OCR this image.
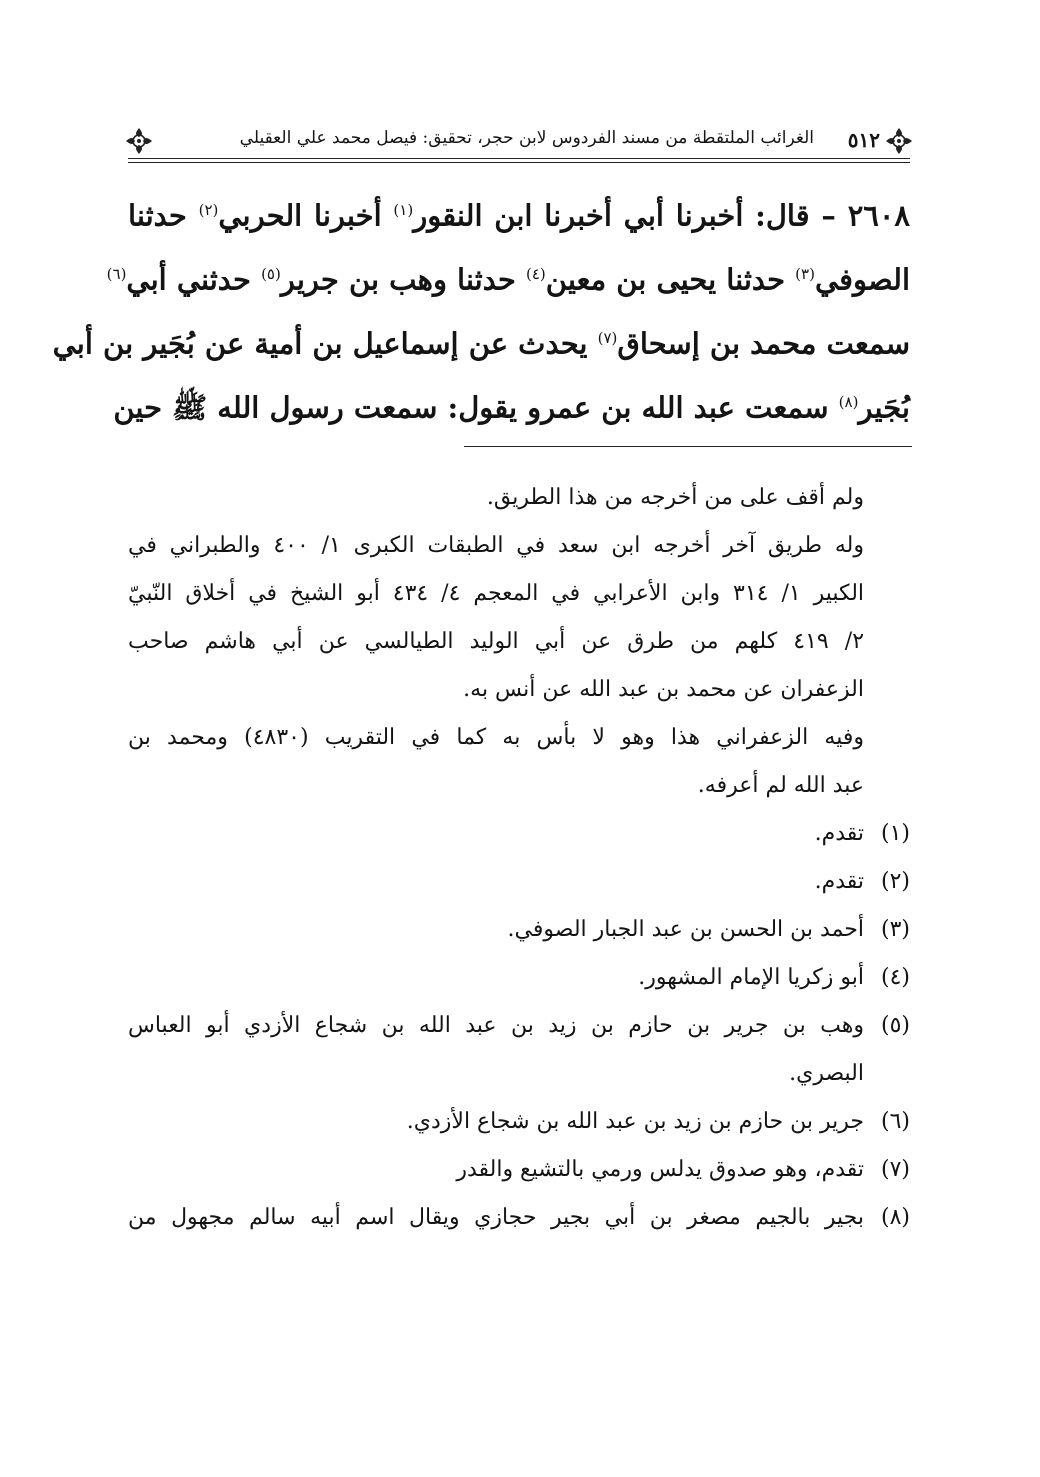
٥١٢
الغرائب الملتقطة من مسند الفردوس لابن حجر، تحقيق: فيصل محمد علي العقيلي
٢٦٠٨ – قال: أخبرنا أبي أخبرنا ابن النقور$^{(١)}$ أخبرنا الحربي$^{(٢)}$ حدثنا
الصوفي$^{(٣)}$ حدثنا يحيى بن معين$^{(٤)}$ حدثنا وهب بن جرير$^{(٥)}$ حدثني أبي$^{(٦)}$
سمعت محمد بن إسحاق$^{(٧)}$ يحدث عن إسماعيل بن أمية عن بُجَير بن أبي
بُجَير$^{(٨)}$ سمعت عبد الله بن عمرو يقول: سمعت رسول الله ﷺ حين
ولم أقف على من أخرجه من هذا الطريق.
وله طريق آخر أخرجه ابن سعد في الطبقات الكبرى ١/ ٤٠٠ والطبراني في
الكبير ١/ ٣١٤ وابن الأعرابي في المعجم ٤/ ٤٣٤ أبو الشيخ في أخلاق النّبيّ
٢/ ٤١٩ كلهم من طرق عن أبي الوليد الطيالسي عن أبي هاشم صاحب
الزعفران عن محمد بن عبد الله عن أنس به.
وفيه الزعفراني هذا وهو لا بأس به كما في التقريب (٤٨٣٠) ومحمد بن
عبد الله لم أعرفه.
(١)
تقدم.
(٢)
تقدم.
(٣)
أحمد بن الحسن بن عبد الجبار الصوفي.
(٤)
أبو زكريا الإمام المشهور.
(٥)
وهب بن جرير بن حازم بن زيد بن عبد الله بن شجاع الأزدي أبو العباس
البصري.
(٦)
جرير بن حازم بن زيد بن عبد الله بن شجاع الأزدي.
(٧)
تقدم، وهو صدوق يدلس ورمي بالتشيع والقدر
(٨)
بجير بالجيم مصغر بن أبي بجير حجازي ويقال اسم أبيه سالم مجهول من
